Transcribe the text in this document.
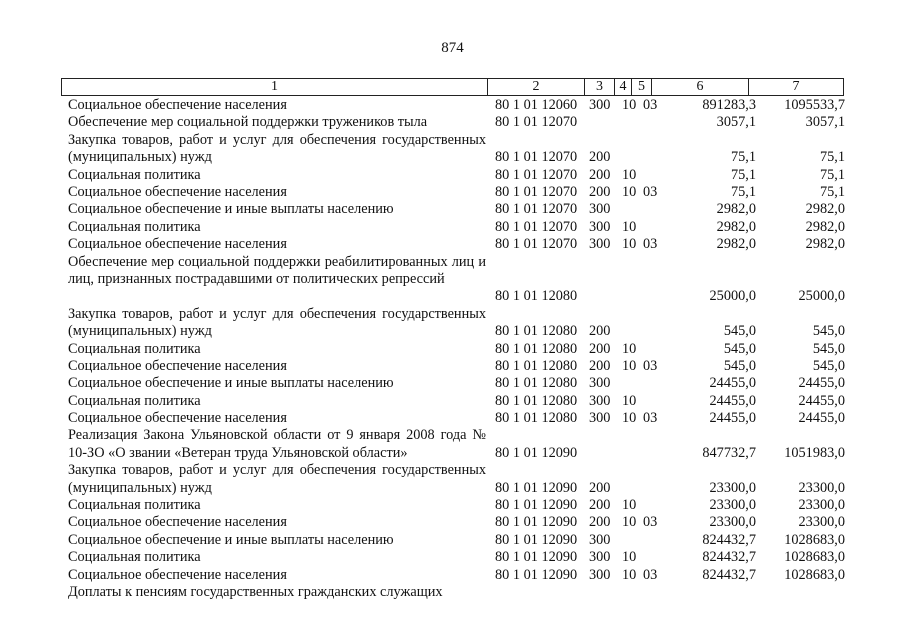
874
1	2	3	4 5	6	7
Социальное обеспечение населения	80 1 01 12060 300 10 03	891283,3 1095533,7
Обеспечение мер социальной поддержки тружеников тыла	80 1 01 12070	3057,1	3057,1
Закупка товаров, работ и услуг для обеспечения государственных (муниципальных) нужд	80 1 01 12070 200	75,1	75,1
Социальная политика	80 1 01 12070 200 10	75,1	75,1
Социальное обеспечение населения	80 1 01 12070 200 10 03	75,1	75,1
Социальное обеспечение и иные выплаты населению	80 1 01 12070 300	2982,0	2982,0
Социальная политика	80 1 01 12070 300 10	2982,0	2982,0
Социальное обеспечение населения	80 1 01 12070 300 10 03	2982,0	2982,0
Обеспечение мер социальной поддержки реабилитированных лиц и лиц, признанных пострадавшими от политических репрессий
80 1 01 12080	25000,0	25000,0
Закупка товаров, работ и услуг для обеспечения государственных (муниципальных) нужд	80 1 01 12080 200	545,0	545,0
Социальная политика	80 1 01 12080 200 10	545,0	545,0
Социальное обеспечение населения	80 1 01 12080 200 10 03	545,0	545,0
Социальное обеспечение и иные выплаты населению	80 1 01 12080 300	24455,0	24455,0
Социальная политика	80 1 01 12080 300 10	24455,0	24455,0
Социальное обеспечение населения	80 1 01 12080 300 10 03	24455,0	24455,0
Реализация Закона Ульяновской области от 9 января 2008 года № 10-ЗО «О звании «Ветеран труда Ульяновской области»	80 1 01 12090	847732,7 1051983,0
Закупка товаров, работ и услуг для обеспечения государственных (муниципальных) нужд	80 1 01 12090 200	23300,0	23300,0
Социальная политика	80 1 01 12090 200 10	23300,0	23300,0
Социальное обеспечение населения	80 1 01 12090 200 10 03	23300,0	23300,0
Социальное обеспечение и иные выплаты населению	80 1 01 12090 300	824432,7 1028683,0
Социальная политика	80 1 01 12090 300 10	824432,7 1028683,0
Социальное обеспечение населения	80 1 01 12090 300 10 03	824432,7 1028683,0
Доплаты к пенсиям государственных гражданских служащих
